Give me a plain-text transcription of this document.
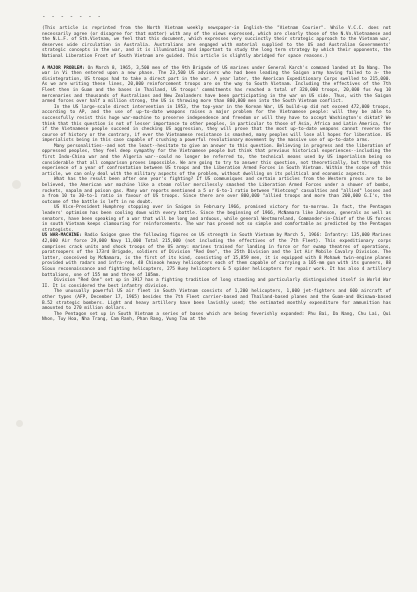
- - - - - - -
(This article is reprinted from the North Vietnam weekly newspaper-in English-the "Vietnam Courier". While V.C.C. does not necessarily agree (or disagree for that matter) with any of the views expressed, which are clearly those of the N.Vn.Vietnamese and the N.L.F. of Sth.Vietnam, we feel that this document, which expresses very succinctly their strategic approach to the Vietnam war, deserves wide circulation in Australia. Australians are engaged with material supplied to the US and Australian Governments' strategic concepts in the war, and it is illuminating and important to study the long term strategy by which their opponents, the National Liberation Front of South Vietnam are guided. This article is slightly abridged for space reasons.)

A MAJOR PROBLEM: On March 8, 1965, 3,500 men of the 9th Brigade of US marines under General Karch's command landed at Da Nang. The war in Vi then entered upon a new phase. The 23,500 US advisers who had been leading the Saigon army having failed to a- the disintegration, US troops had to take a direct part in the war. A year later, the American Expeditionary Corps swelled to 215,000. As we are writing these lines, 20,000 reinforcement troops are on the way to South Vietnam. Including the effectives of the 7th Fleet then in Guam and the bases in Thailand, US troops' commitments has reached a total of 320,000 troops, 20,000 fus Aug 10 mercenaries and thousands of Australians and New Zealanders have been participating in the war on US side. Thus, with the Saigon armed forces over half a million strong, the US is throwing more than 800,000 men into the South Vietnam conflict.

In the US large-scale direct intervention in 1953, the top-year in the Korean War, US build-up did not exceed 472,000 troops, according to AP, and the use of up-to-date weapons raises a major problem for the Vietnamese people: will they be able to successfully resist this huge war-machine to preserve independence and freedom or will they have to accept Washington's diktat? We think that this question is not of lesser importance to other peoples, in particular to those of Asia, Africa and Latin America, for if the Vietnamese people succeed in checking US aggression, they will prove that the most up-to-date weapons cannot reverse the course of history or the contrary, if ever the Vietnamese resistance is smashed, many peoples will lose all hopes for liberation. US imperialists being in this case capable of crushing a powerful revolutionary movement by the massive use of up-to-date arms.

Many personalities--and not the least--hesitate to give an answer to this question. Believing in progress and the liberation of oppressed peoples, they feel deep sympathy for the Vietnamese people but think that previous historical experiences--including the first Indo-China war and the Algeria war--could no longer be referred to, the technical means used by US imperialism being so considerable that all comparison proves impossible. We are going to try to answer this question, not theoretically, but through the experience of a year of confrontation between US troops and the Liberation Armed Forces in South Vietnam. Within the scope of this article, we can only deal with the military aspects of the problem, without dwelling on its political and economic aspects.

What has the result been after one year's fighting? If US communiques and certain articles from the Western press are to be believed, the American war machine like a steam roller mercilessly smashed the Liberation Armed Forces under a shower of bombs, rockets, napalm and poison gas. Many war reports mentioned a 5 or 6-to-1 ratio between "Vietcong" casualties and "allied" losses and a from 10 to 30-to-1 ratio in favour of US troops. Since there are over 800,000 "allied troops and more than 200,000 G.I's, the outcome of the battle is left in no doubt.

US Vice-President Humphrey stopping over in Saigon in February 1966, promised victory for to-morrow. In fact, the Pentagon leaders' optimism has been cooling down with every battle. Since the beginning of 1966, McNamara like Johnson, generals as well as senators, have been speaking of a war that will be long and arduous, while general Westmoreland, Commander-in-Chief of the US forces in south Vietnam keeps clamouring for reinforcements. The war has proved not so simple and comfortable as predicted by the Pentagon strategists.

US WAR-MACHINE: Radio Saigon gave the following figures on US strength in South Vietnam by March 5, 1966: Infantry: 135,000 Marines 42,000 Air force 29,000 Navy 11,000 Total 215,000 (not including the effectives of the 7th Fleet). This expeditionary corps comprises crack units and shock troops of the US army: marines trained for landing in force or for swamp theatres of operations, paratroopers of the 173rd Brigade, soldiers of Division "Red One", the 25th Division and the 1st Air Mobile Cavalry Division. The latter, conceived by McNamara, is the first of its kind, consisting of 15,859 men, it is equipped with 8 Mohawk twin-engine planes provided with radars and infra-red, 48 Chinook heavy helicopters each of them capable of carrying a 105-mm gun with its gunners, 88 Sioux reconnaissance and fighting helicopters, 275 Huey helicopters & 5 spider helicopters for repair work. It has also 4 artillery battalions, one of 155 mm and three of 105mm.

Division "Red One" set up in 1917 has a fighting tradition of long standing and particularly distinguished itself in World War II. It is considered the best infantry division.

The unusually powerful US air fleet in South Vietnam consists of 1,200 helicopters, 1,000 jet-fighters and 600 aircraft of other types (AFP, December 17, 1965) besides the 7th Fleet carrier-based and Thailand-based planes and the Guam-and Okinawa-based B.52 strategic bombers. Light and heavy artillery have been lavishly used; the estimated monthly expenditure for ammunition has amounted to 270 million dollars.

The Pentagon set up in South Vietnam a series of bases which are being feverishly expanded: Phu Bai, Da Nang, Chu Lai, Qui Nhon, Tuy Hoa, Nha Trang, Cam Ranh, Phan Rang, Vung Tau at the
